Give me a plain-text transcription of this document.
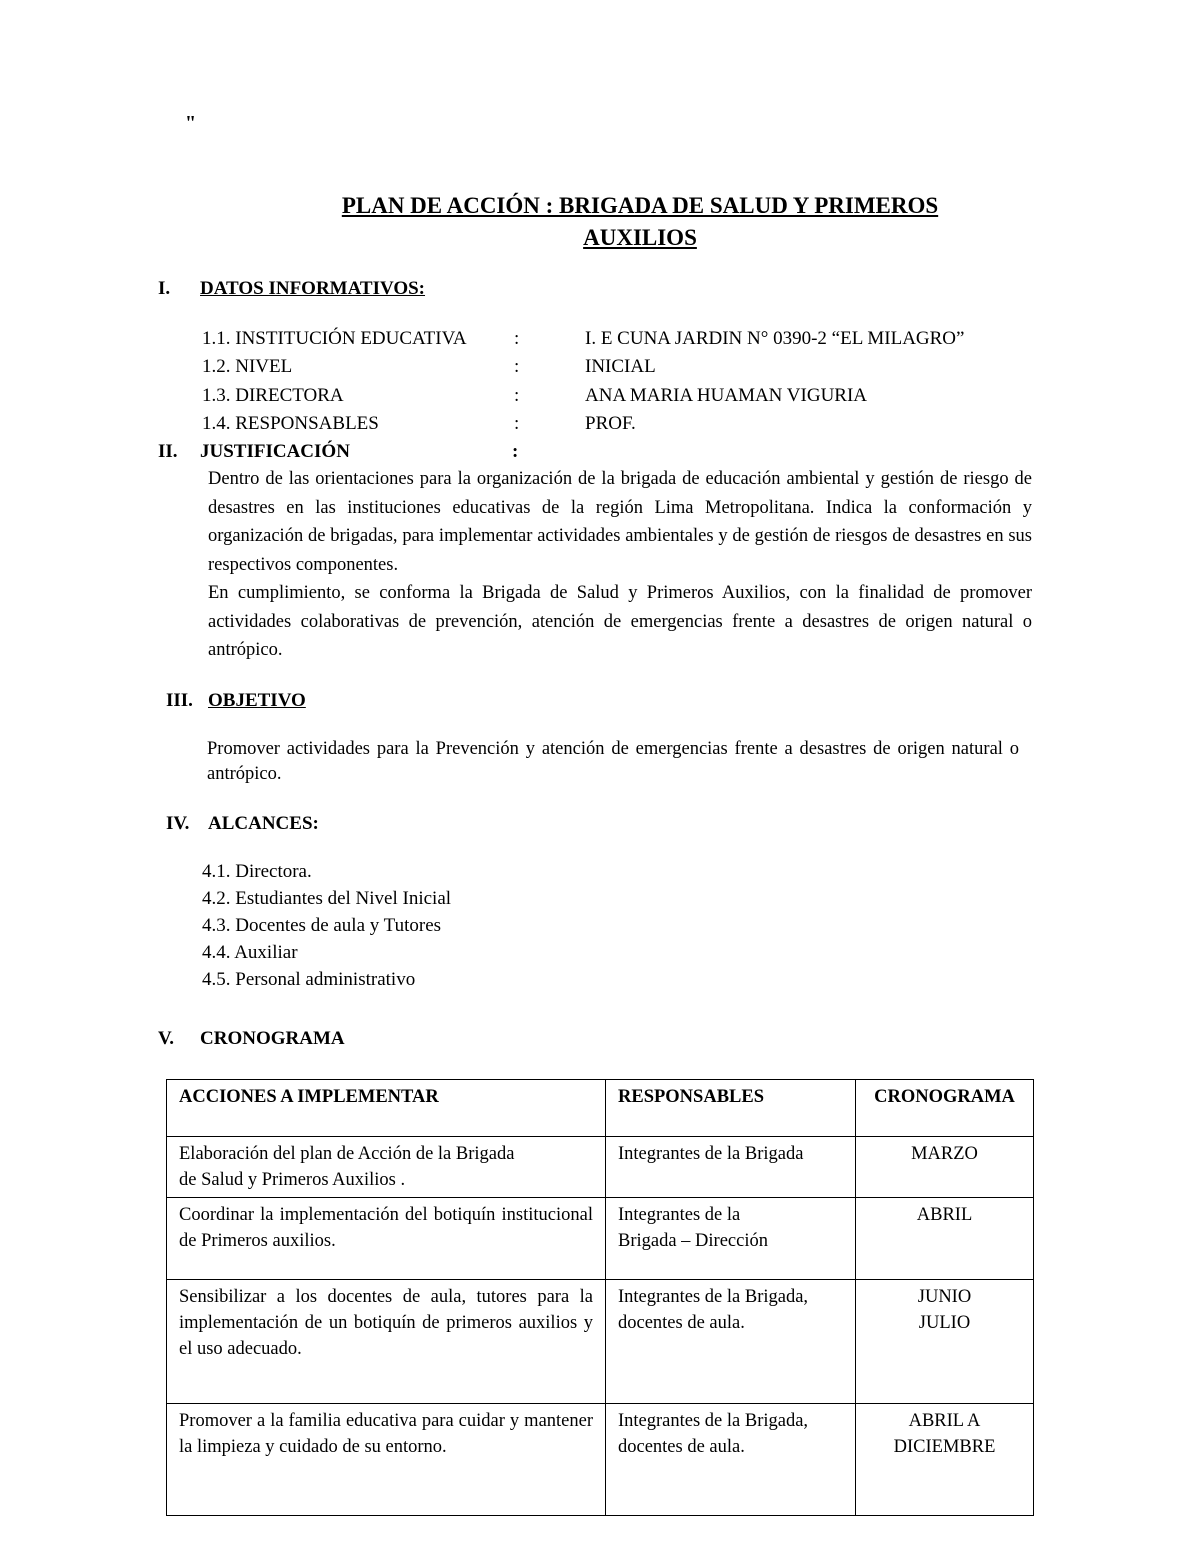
"
PLAN DE ACCIÓN : BRIGADA DE SALUD Y PRIMEROS
AUXILIOS
I. DATOS INFORMATIVOS:
1.1. INSTITUCIÓN EDUCATIVA :	I. E CUNA JARDIN N° 0390-2 “EL MILAGRO”
1.2. NIVEL	:	INICIAL
1.3. DIRECTORA	:	ANA MARIA HUAMAN VIGURIA
1.4. RESPONSABLES	:	PROF.
II. JUSTIFICACIÓN	:

Dentro de las orientaciones para la organización de la brigada de educación ambiental y gestión de riesgo de desastres en las instituciones educativas de la región Lima Metropolitana. Indica la conformación y organización de brigadas, para implementar actividades ambientales y de gestión de riesgos de desastres en sus respectivos componentes.

En cumplimiento, se conforma la Brigada de Salud y Primeros Auxilios, con la finalidad de promover actividades colaborativas de prevención, atención de emergencias frente a desastres de origen natural o antrópico.

III. OBJETIVO
Promover actividades para la Prevención y atención de emergencias frente a desastres de origen natural o antrópico.
IV. ALCANCES:
4.1. Directora.
4.2. Estudiantes del Nivel Inicial
4.3. Docentes de aula y Tutores
4.4. Auxiliar
4.5. Personal administrativo
V. CRONOGRAMA
ACCIONES A IMPLEMENTAR	RESPONSABLES	CRONOGRAMA
Elaboración del plan de Acción de la Brigada de Salud y Primeros Auxilios .	Integrantes de la Brigada	MARZO
Coordinar la implementación del botiquín institucional de Primeros auxilios.	Integrantes de la Brigada – Dirección	ABRIL
Sensibilizar a los docentes de aula, tutores para la implementación de un botiquín de primeros auxilios y el uso adecuado.	Integrantes de la Brigada, docentes de aula.	JUNIO JULIO
Promover a la familia educativa para cuidar y mantener la limpieza y cuidado de su entorno.	Integrantes de la Brigada, docentes de aula.	ABRIL A DICIEMBRE
